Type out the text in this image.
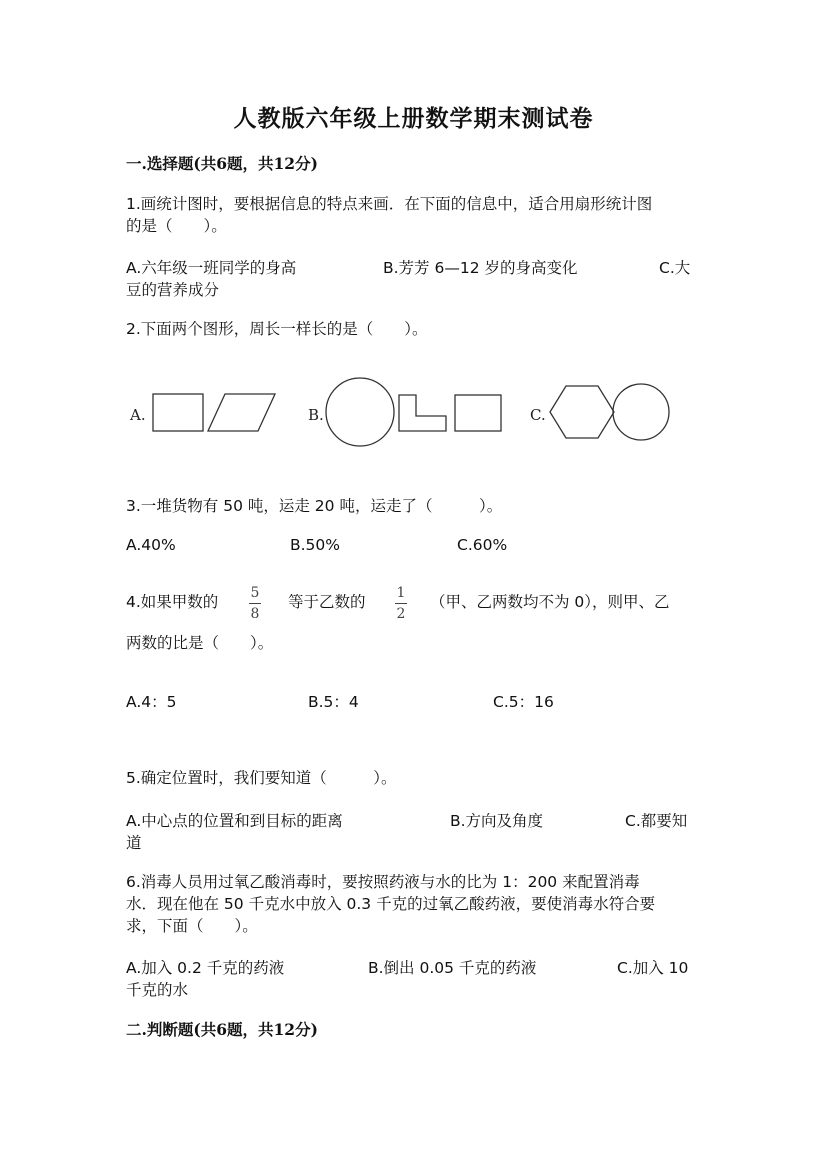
人教版六年级上册数学期末测试卷
一.选择题(共6题，共12分)
1.画统计图时，要根据信息的特点来画．在下面的信息中，适合用扇形统计图
的是（　　）。
A.六年级一班同学的身高	B.芳芳 6—12 岁的身高变化	C.大
豆的营养成分
2.下面两个图形，周长一样长的是（　　）。
A.	B.	C.
3.一堆货物有 50 吨，运走 20 吨，运走了（　　　）。
A.40%	B.50%	C.60%
4.如果甲数的 5
8
等于乙数的 1
2
（甲、乙两数均不为 0），则甲、乙
两数的比是（　　）。
A.4：5	B.5：4	C.5：16
5.确定位置时，我们要知道（　　　）。
A.中心点的位置和到目标的距离	B.方向及角度	C.都要知
道
6.消毒人员用过氧乙酸消毒时，要按照药液与水的比为 1：200 来配置消毒
水．现在他在 50 千克水中放入 0.3 千克的过氧乙酸药液，要使消毒水符合要
求，下面（　　）。
A.加入 0.2 千克的药液	B.倒出 0.05 千克的药液	C.加入 10
千克的水
二.判断题(共6题，共12分)
